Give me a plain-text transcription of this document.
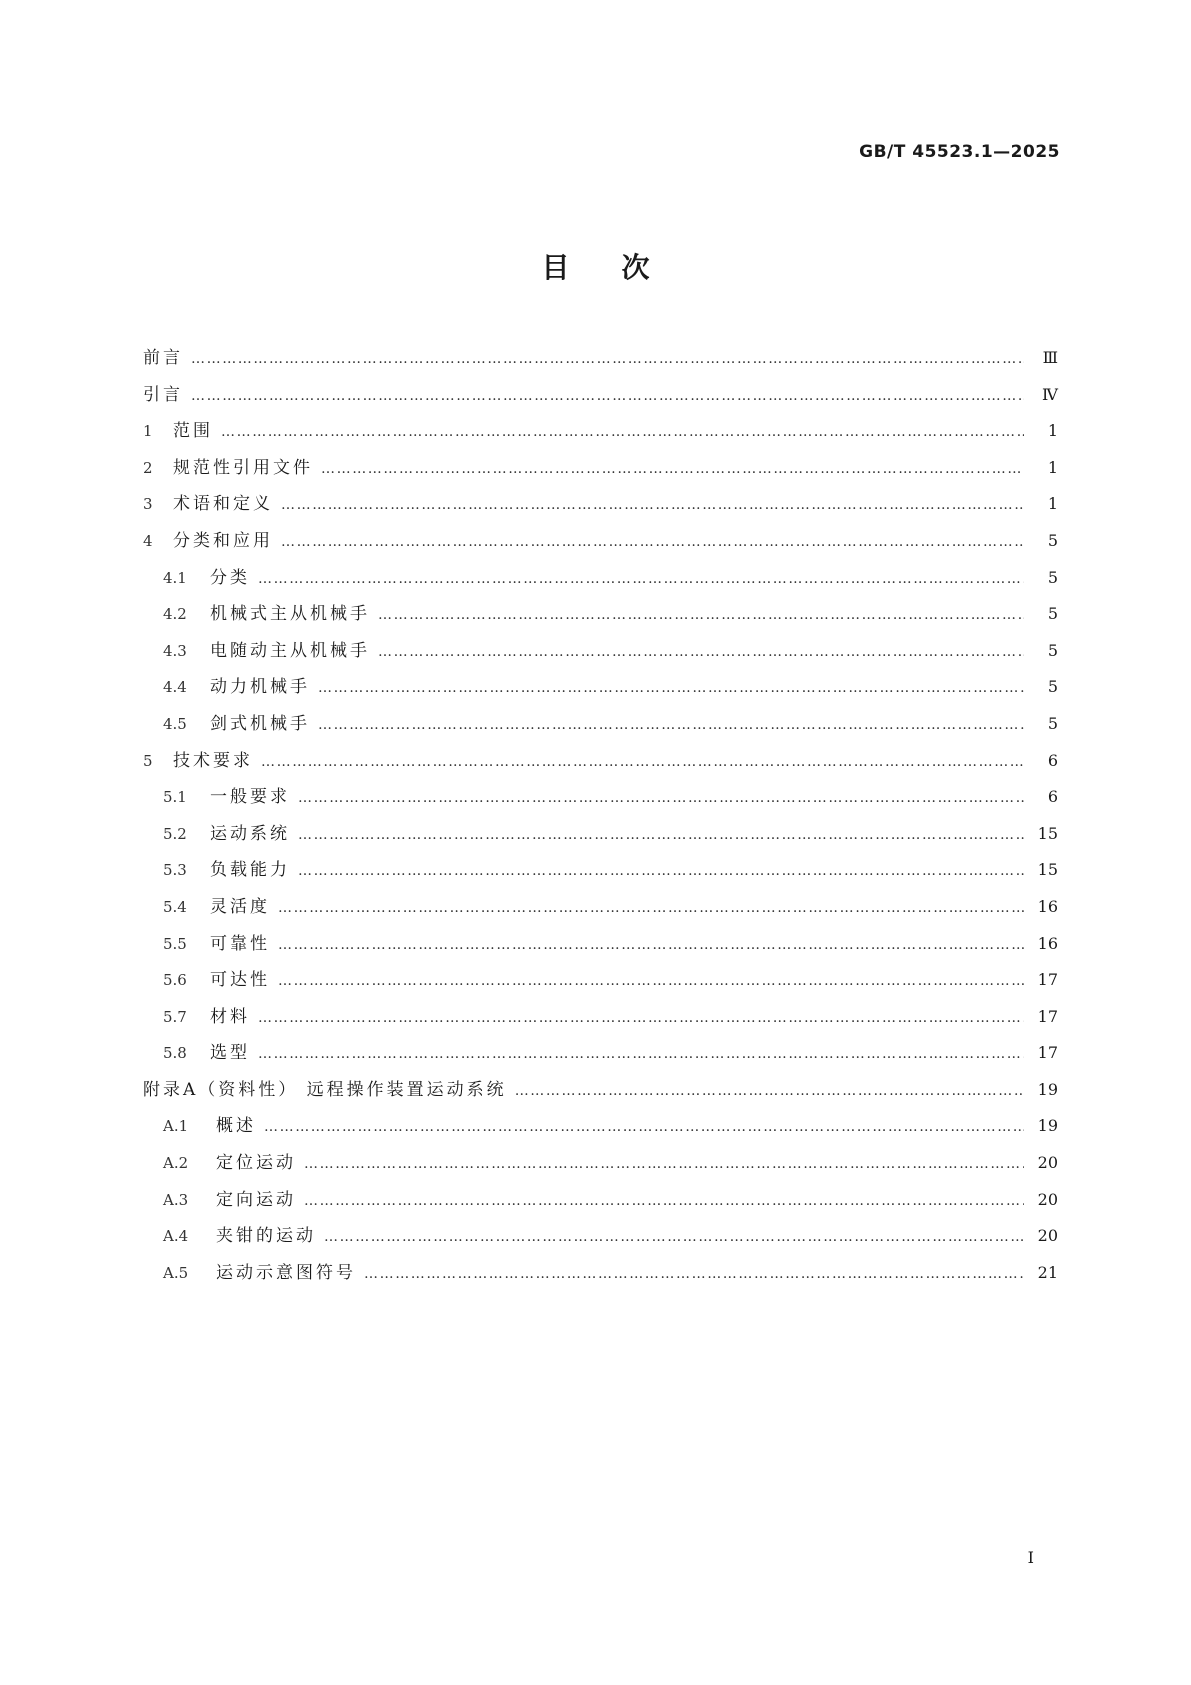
GB/T 45523.1—2025
目次
前言 …………………………………………………………………………………………………………………………………………………………………………………………………………………………………………………………………………	Ⅲ
引言 …………………………………………………………………………………………………………………………………………………………………………………………………………………………………………………………………………	Ⅳ
1	范围 …………………………………………………………………………………………………………………………………………………………………………………………………………………………………………………………………………	1
2	规范性引用文件 …………………………………………………………………………………………………………………………………………………………………………………………………………………………………………………………………………	1
3	术语和定义 …………………………………………………………………………………………………………………………………………………………………………………………………………………………………………………………………………	1
4	分类和应用 …………………………………………………………………………………………………………………………………………………………………………………………………………………………………………………………………………	5
4.1	分类 …………………………………………………………………………………………………………………………………………………………………………………………………………………………………………………………………………	5
4.2	机械式主从机械手 …………………………………………………………………………………………………………………………………………………………………………………………………………………………………………………………………………	5
4.3	电随动主从机械手 …………………………………………………………………………………………………………………………………………………………………………………………………………………………………………………………………………	5
4.4	动力机械手 …………………………………………………………………………………………………………………………………………………………………………………………………………………………………………………………………………	5
4.5	剑式机械手 …………………………………………………………………………………………………………………………………………………………………………………………………………………………………………………………………………	5
5	技术要求 …………………………………………………………………………………………………………………………………………………………………………………………………………………………………………………………………………	6
5.1	一般要求 …………………………………………………………………………………………………………………………………………………………………………………………………………………………………………………………………………	6
5.2	运动系统 …………………………………………………………………………………………………………………………………………………………………………………………………………………………………………………………………………	15
5.3	负载能力 …………………………………………………………………………………………………………………………………………………………………………………………………………………………………………………………………………	15
5.4	灵活度 …………………………………………………………………………………………………………………………………………………………………………………………………………………………………………………………………………	16
5.5	可靠性 …………………………………………………………………………………………………………………………………………………………………………………………………………………………………………………………………………	16
5.6	可达性 …………………………………………………………………………………………………………………………………………………………………………………………………………………………………………………………………………	17
5.7	材料 …………………………………………………………………………………………………………………………………………………………………………………………………………………………………………………………………………	17
5.8	选型 …………………………………………………………………………………………………………………………………………………………………………………………………………………………………………………………………………	17
附录A（资料性） 远程操作装置运动系统 …………………………………………………………………………………………………………………………………………………………………………………………………………………………………………………………………………	19
A.1	概述 …………………………………………………………………………………………………………………………………………………………………………………………………………………………………………………………………………	19
A.2	定位运动 …………………………………………………………………………………………………………………………………………………………………………………………………………………………………………………………………………	20
A.3	定向运动 …………………………………………………………………………………………………………………………………………………………………………………………………………………………………………………………………………	20
A.4	夹钳的运动 …………………………………………………………………………………………………………………………………………………………………………………………………………………………………………………………………………	20
A.5	运动示意图符号 …………………………………………………………………………………………………………………………………………………………………………………………………………………………………………………………………………	21
I
